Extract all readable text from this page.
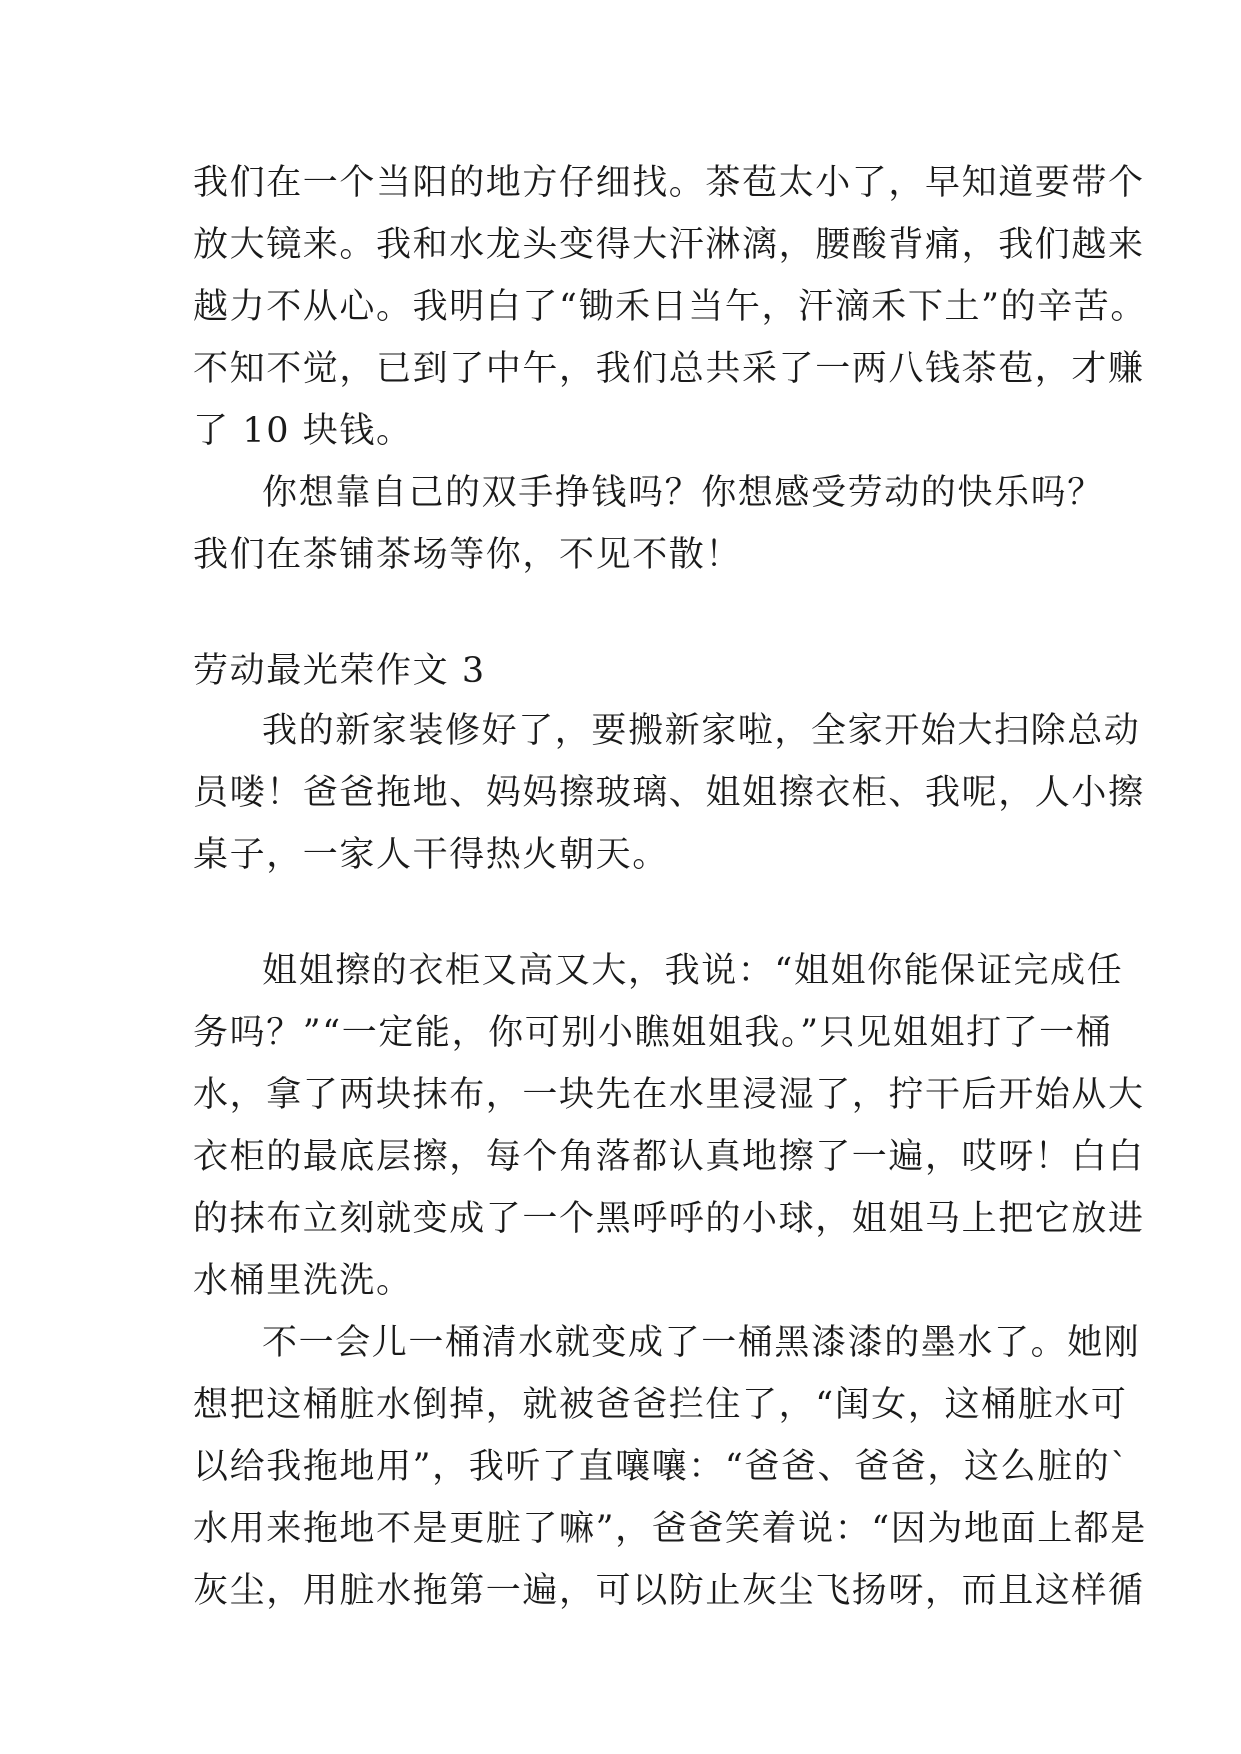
我们在一个当阳的地方仔细找。茶苞太小了，早知道要带个
放大镜来。我和水龙头变得大汗淋漓，腰酸背痛，我们越来
越力不从心。我明白了“锄禾日当午，汗滴禾下土”的辛苦。
不知不觉，已到了中午，我们总共采了一两八钱茶苞，才赚
了 10 块钱。
你想靠自己的双手挣钱吗？你想感受劳动的快乐吗？
我们在茶铺茶场等你，不见不散！
劳动最光荣作文 3
我的新家装修好了，要搬新家啦，全家开始大扫除总动
员喽！爸爸拖地、妈妈擦玻璃、姐姐擦衣柜、我呢，人小擦
桌子，一家人干得热火朝天。
姐姐擦的衣柜又高又大，我说：“姐姐你能保证完成任
务吗？”“一定能，你可别小瞧姐姐我。”只见姐姐打了一桶
水，拿了两块抹布，一块先在水里浸湿了，拧干后开始从大
衣柜的最底层擦，每个角落都认真地擦了一遍，哎呀！白白
的抹布立刻就变成了一个黑呼呼的小球，姐姐马上把它放进
水桶里洗洗。
不一会儿一桶清水就变成了一桶黑漆漆的墨水了。她刚
想把这桶脏水倒掉，就被爸爸拦住了，“闺女，这桶脏水可
以给我拖地用”，我听了直嚷嚷：“爸爸、爸爸，这么脏的`
水用来拖地不是更脏了嘛”，爸爸笑着说：“因为地面上都是
灰尘，用脏水拖第一遍，可以防止灰尘飞扬呀，而且这样循
